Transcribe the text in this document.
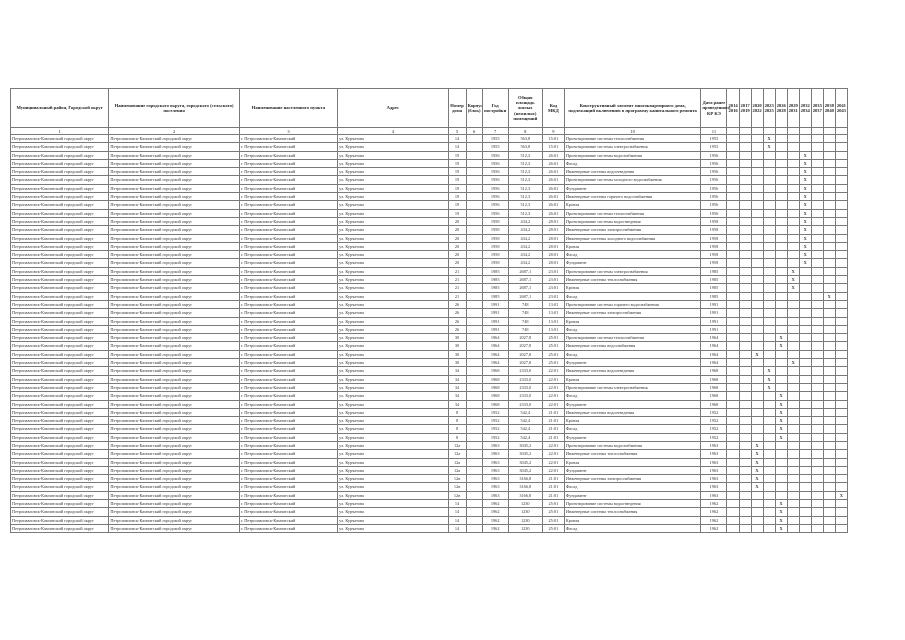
Муниципальный район, Городской округ	Наименование городского округа, городского (сельского) поселения	Наименование населенного пункта	Адрес	Номер дома	Корпус (блок)	Год постройки	Общая площадь жилых (нежилых) помещений	Код МКД	Конструктивный элемент многоквартирного дома, подлежащий включению в программу капитального ремонта	Дата ранее проведенного КР КЭ	2014 2016	2017 2019	2020 2022	2023 2025	2026 2028	2029 2031	2032 2034	2035 2037	2038 2040	2041 2043
1	2	3	4	5	6	7	8	9	10	11										
Петропавловск-Камчатский городской округ	Петропавловск-Камчатский городской округ	г. Петропавловск-Камчатский	ул. Курчатова	14		1955	563,8	15:01	Проектирование системы теплоснабжения	1955				X						
Петропавловск-Камчатский городской округ	Петропавловск-Камчатский городской округ	г. Петропавловск-Камчатский	ул. Курчатова	14		1955	563,8	15:01	Проектирование системы электроснабжения	1955				X						
Петропавловск-Камчатский городской округ	Петропавловск-Камчатский городской округ	г. Петропавловск-Камчатский	ул. Курчатова	19		1956	512,3	26:01	Проектирование системы водоснабжения	1956							X			
Петропавловск-Камчатский городской округ	Петропавловск-Камчатский городской округ	г. Петропавловск-Камчатский	ул. Курчатова	19		1956	512,3	26:01	Фасад	1956							X			
Петропавловск-Камчатский городской округ	Петропавловск-Камчатский городской округ	г. Петропавловск-Камчатский	ул. Курчатова	19		1956	512,3	26:01	Инженерные системы водоотведения	1956							X			
Петропавловск-Камчатский городской округ	Петропавловск-Камчатский городской округ	г. Петропавловск-Камчатский	ул. Курчатова	19		1956	512,3	26:01	Проектирование системы холодного водоснабжения	1956							X			
Петропавловск-Камчатский городской округ	Петропавловск-Камчатский городской округ	г. Петропавловск-Камчатский	ул. Курчатова	19		1956	512,3	26:01	Фундамент	1956							X			
Петропавловск-Камчатский городской округ	Петропавловск-Камчатский городской округ	г. Петропавловск-Камчатский	ул. Курчатова	19		1956	512,3	26:01	Инженерные системы горячего водоснабжения	1956							X			
Петропавловск-Камчатский городской округ	Петропавловск-Камчатский городской округ	г. Петропавловск-Камчатский	ул. Курчатова	19		1956	512,3	26:01	Кровля	1956							X			
Петропавловск-Камчатский городской округ	Петропавловск-Камчатский городской округ	г. Петропавловск-Камчатский	ул. Курчатова	19		1956	512,3	26:01	Проектирование системы теплоснабжения	1956							X			
Петропавловск-Камчатский городской округ	Петропавловск-Камчатский городской округ	г. Петропавловск-Камчатский	ул. Курчатова	20		1958	434,2	28:01	Проектирование системы водоотведения	1958							X			
Петропавловск-Камчатский городской округ	Петропавловск-Камчатский городской округ	г. Петропавловск-Камчатский	ул. Курчатова	20		1958	434,2	28:01	Инженерные системы электроснабжения	1958							X			
Петропавловск-Камчатский городской округ	Петропавловск-Камчатский городской округ	г. Петропавловск-Камчатский	ул. Курчатова	20		1958	434,2	28:01	Инженерные системы холодного водоснабжения	1958							X			
Петропавловск-Камчатский городской округ	Петропавловск-Камчатский городской округ	г. Петропавловск-Камчатский	ул. Курчатова	20		1958	434,2	28:01	Кровля	1958							X			
Петропавловск-Камчатский городской округ	Петропавловск-Камчатский городской округ	г. Петропавловск-Камчатский	ул. Курчатова	20		1958	434,2	28:01	Фасад	1958							X			
Петропавловск-Камчатский городской округ	Петропавловск-Камчатский городской округ	г. Петропавловск-Камчатский	ул. Курчатова	20		1958	434,2	28:01	Фундамент	1958							X			
Петропавловск-Камчатский городской округ	Петропавловск-Камчатский городской округ	г. Петропавловск-Камчатский	ул. Курчатова	21		1985	2687,1	23:01	Проектирование системы электроснабжения	1985						X				
Петропавловск-Камчатский городской округ	Петропавловск-Камчатский городской округ	г. Петропавловск-Камчатский	ул. Курчатова	21		1985	2687,1	23:01	Инженерные системы теплоснабжения	1985						X				
Петропавловск-Камчатский городской округ	Петропавловск-Камчатский городской округ	г. Петропавловск-Камчатский	ул. Курчатова	21		1985	2687,1	23:01	Кровля	1985						X				
Петропавловск-Камчатский городской округ	Петропавловск-Камчатский городской округ	г. Петропавловск-Камчатский	ул. Курчатова	21		1985	2687,1	23:01	Фасад	1985									X	
Петропавловск-Камчатский городской округ	Петропавловск-Камчатский городской округ	г. Петропавловск-Камчатский	ул. Курчатова	26		1991	748	13:01	Проектирование системы горячего водоснабжения	1991										
Петропавловск-Камчатский городской округ	Петропавловск-Камчатский городской округ	г. Петропавловск-Камчатский	ул. Курчатова	26		1991	748	13:01	Инженерные системы электроснабжения	1991										
Петропавловск-Камчатский городской округ	Петропавловск-Камчатский городской округ	г. Петропавловск-Камчатский	ул. Курчатова	26		1991	748	13:01	Кровля	1991										
Петропавловск-Камчатский городской округ	Петропавловск-Камчатский городской округ	г. Петропавловск-Камчатский	ул. Курчатова	26		1991	748	13:01	Фасад	1991										
Петропавловск-Камчатский городской округ	Петропавловск-Камчатский городской округ	г. Петропавловск-Камчатский	ул. Курчатова	30		1964	2027,8	25:01	Проектирование системы теплоснабжения	1964					X					
Петропавловск-Камчатский городской округ	Петропавловск-Камчатский городской округ	г. Петропавловск-Камчатский	ул. Курчатова	30		1964	2027,8	25:01	Инженерные системы водоснабжения	1964					X					
Петропавловск-Камчатский городской округ	Петропавловск-Камчатский городской округ	г. Петропавловск-Камчатский	ул. Курчатова	30		1964	2027,8	25:01	Фасад	1964			X							
Петропавловск-Камчатский городской округ	Петропавловск-Камчатский городской округ	г. Петропавловск-Камчатский	ул. Курчатова	30		1964	2027,8	25:01	Фундамент	1964						X				
Петропавловск-Камчатский городской округ	Петропавловск-Камчатский городской округ	г. Петропавловск-Камчатский	ул. Курчатова	34		1968	2333,0	22:01	Инженерные системы водоотведения	1968				X						
Петропавловск-Камчатский городской округ	Петропавловск-Камчатский городской округ	г. Петропавловск-Камчатский	ул. Курчатова	34		1968	2333,0	22:01	Кровля	1968				X						
Петропавловск-Камчатский городской округ	Петропавловск-Камчатский городской округ	г. Петропавловск-Камчатский	ул. Курчатова	34		1968	2333,0	22:01	Проектирование системы электроснабжения	1968				X						
Петропавловск-Камчатский городской округ	Петропавловск-Камчатский городской округ	г. Петропавловск-Камчатский	ул. Курчатова	34		1968	2333,0	22:01	Фасад	1968					X					
Петропавловск-Камчатский городской округ	Петропавловск-Камчатский городской округ	г. Петропавловск-Камчатский	ул. Курчатова	34		1968	2333,0	22:01	Фундамент	1968					X					
Петропавловск-Камчатский городской округ	Петропавловск-Камчатский городской округ	г. Петропавловск-Камчатский	ул. Курчатова	8		1952	542,4	21:01	Инженерные системы водоотведения	1952					X					
Петропавловск-Камчатский городской округ	Петропавловск-Камчатский городской округ	г. Петропавловск-Камчатский	ул. Курчатова	8		1952	542,4	21:01	Кровля	1952					X					
Петропавловск-Камчатский городской округ	Петропавловск-Камчатский городской округ	г. Петропавловск-Камчатский	ул. Курчатова	8		1952	542,4	21:01	Фасад	1952					X					
Петропавловск-Камчатский городской округ	Петропавловск-Камчатский городской округ	г. Петропавловск-Камчатский	ул. Курчатова	8		1952	542,4	21:01	Фундамент	1952					X					
Петропавловск-Камчатский городской округ	Петропавловск-Камчатский городской округ	г. Петропавловск-Камчатский	ул. Курчатова	12а		1963	3045,2	22:01	Проектирование системы водоснабжения	1963			X							
Петропавловск-Камчатский городской округ	Петропавловск-Камчатский городской округ	г. Петропавловск-Камчатский	ул. Курчатова	12а		1963	3045,2	22:01	Инженерные системы теплоснабжения	1963			X							
Петропавловск-Камчатский городской округ	Петропавловск-Камчатский городской округ	г. Петропавловск-Камчатский	ул. Курчатова	12а		1963	3045,2	22:01	Кровля	1963			X							
Петропавловск-Камчатский городской округ	Петропавловск-Камчатский городской округ	г. Петропавловск-Камчатский	ул. Курчатова	12а		1963	3045,2	22:01	Фундамент	1963			X							
Петропавловск-Камчатский городской округ	Петропавловск-Камчатский городской округ	г. Петропавловск-Камчатский	ул. Курчатова	12в		1963	3166,8	21:01	Инженерные системы электроснабжения	1963			X							
Петропавловск-Камчатский городской округ	Петропавловск-Камчатский городской округ	г. Петропавловск-Камчатский	ул. Курчатова	12в		1963	3166,8	21:01	Фасад	1963			X							
Петропавловск-Камчатский городской округ	Петропавловск-Камчатский городской округ	г. Петропавловск-Камчатский	ул. Курчатова	12в		1963	3166,8	21:01	Фундамент	1963										X
Петропавловск-Камчатский городской округ	Петропавловск-Камчатский городской округ	г. Петропавловск-Камчатский	ул. Курчатова	14		1962	1230	25:01	Проектирование системы водоотведения	1962					X					
Петропавловск-Камчатский городской округ	Петропавловск-Камчатский городской округ	г. Петропавловск-Камчатский	ул. Курчатова	14		1962	1230	25:01	Инженерные системы теплоснабжения	1962					X					
Петропавловск-Камчатский городской округ	Петропавловск-Камчатский городской округ	г. Петропавловск-Камчатский	ул. Курчатова	14		1962	1230	25:01	Кровля	1962					X					
Петропавловск-Камчатский городской округ	Петропавловск-Камчатский городской округ	г. Петропавловск-Камчатский	ул. Курчатова	14		1962	1230	25:01	Фасад	1962					X					
